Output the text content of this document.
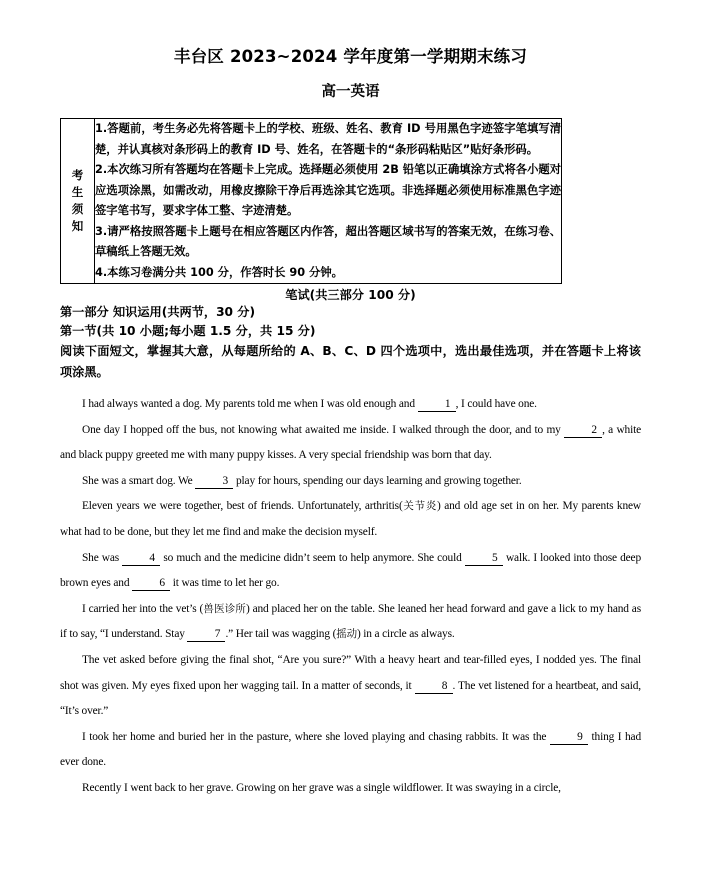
丰台区 2023~2024 学年度第一学期期末练习
高一英语
考
生
须
知

1.答题前，考生务必先将答题卡上的学校、班级、姓名、教育 ID 号用黑色字迹签字笔填写清楚，并认真核对条形码上的教育 ID 号、姓名，在答题卡的“条形码粘贴区”贴好条形码。

2.本次练习所有答题均在答题卡上完成。选择题必须使用 2B 铅笔以正确填涂方式将各小题对应选项涂黑，如需改动，用橡皮擦除干净后再选涂其它选项。非选择题必须使用标准黑色字迹签字笔书写，要求字体工整、字迹清楚。

3.请严格按照答题卡上题号在相应答题区内作答，超出答题区域书写的答案无效，在练习卷、草稿纸上答题无效。

4.本练习卷满分共 100 分，作答时长 90 分钟。

笔试(共三部分 100 分)

第一部分 知识运用(共两节，30 分)

第一节(共 10 小题;每小题 1.5 分，共 15 分)

阅读下面短文，掌握其大意，从每题所给的 A、B、C、D 四个选项中，选出最佳选项，并在答题卡上将该项涂黑。

I had always wanted a dog. My parents told me when I was old enough and 1 , I could have one.

One day I hopped off the bus, not knowing what awaited me inside. I walked through the door, and to my 2 , a white and black puppy greeted me with many puppy kisses. A very special friendship was born that day.

She was a smart dog. We 3 play for hours, spending our days learning and growing together.

Eleven years we were together, best of friends. Unfortunately, arthritis(关节炎) and old age set in on her. My parents knew what had to be done, but they let me find and make the decision myself.

She was 4 so much and the medicine didn’t seem to help anymore. She could 5 walk. I looked into those deep brown eyes and 6 it was time to let her go.

I carried her into the vet’s (兽医诊所) and placed her on the table. She leaned her head forward and gave a lick to my hand as if to say, “I understand. Stay 7 .” Her tail was wagging (摇动) in a circle as always.

The vet asked before giving the final shot, “Are you sure?” With a heavy heart and tear-filled eyes, I nodded yes. The final shot was given. My eyes fixed upon her wagging tail. In a matter of seconds, it 8 . The vet listened for a heartbeat, and said, “It’s over.”

I took her home and buried her in the pasture, where she loved playing and chasing rabbits. It was the 9 thing I had ever done.

Recently I went back to her grave. Growing on her grave was a single wildflower. It was swaying in a circle,
